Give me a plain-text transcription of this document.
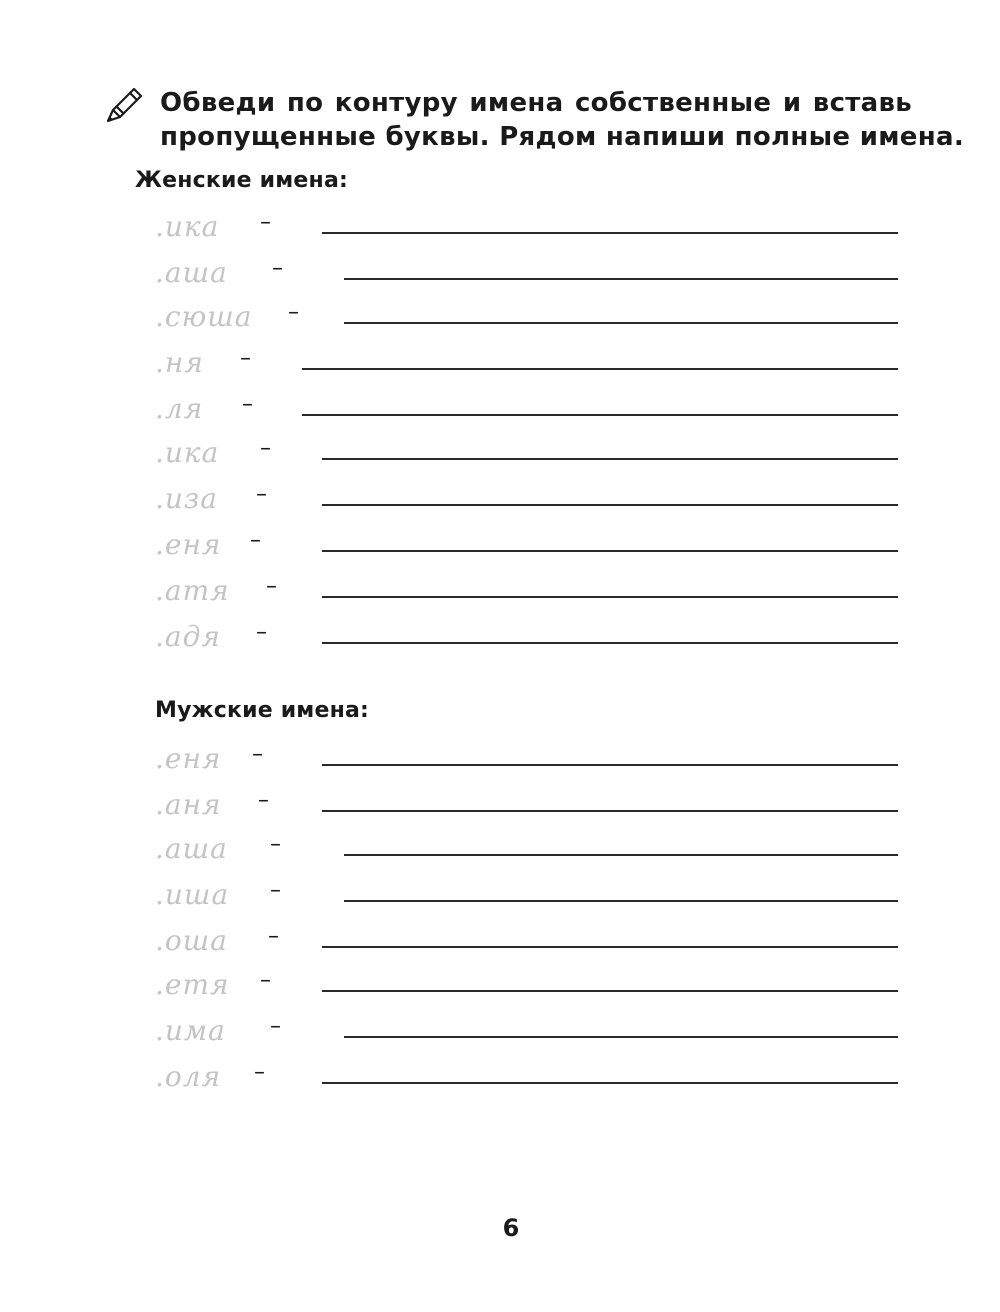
Обведи по контуру имена собственные и вставь
пропущенные буквы. Рядом напиши полные имена.
Женские имена:
.ика –
.аша –
.сюша –
.ня –
.ля –
.ика –
.иза –
.еня –
.атя –
.адя –
Мужские имена:
.еня –
.аня –
.аша –
.иша –
.оша –
.етя –
.има –
.оля –
6
